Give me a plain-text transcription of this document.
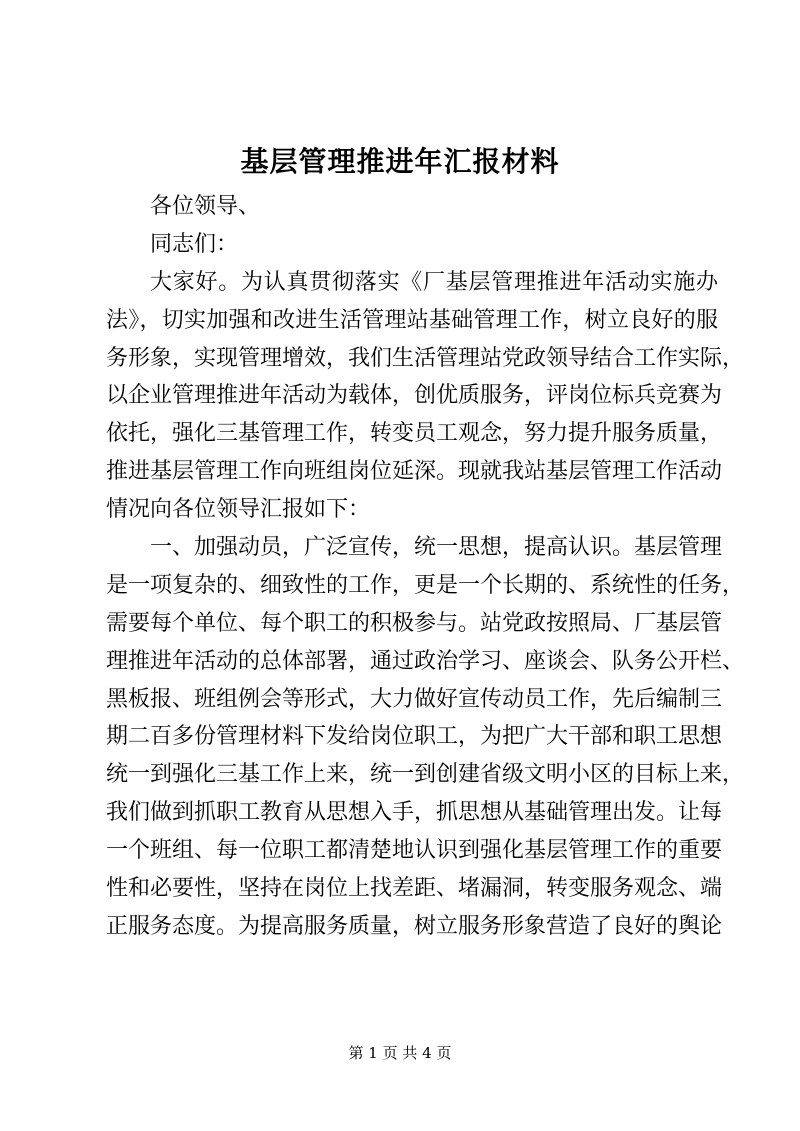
基层管理推进年汇报材料
各位领导、
同志们：
大家好。为认真贯彻落实《厂基层管理推进年活动实施办
法》，切实加强和改进生活管理站基础管理工作，树立良好的服
务形象，实现管理增效，我们生活管理站党政领导结合工作实际，
以企业管理推进年活动为载体，创优质服务，评岗位标兵竞赛为
依托，强化三基管理工作，转变员工观念，努力提升服务质量，
推进基层管理工作向班组岗位延深。现就我站基层管理工作活动
情况向各位领导汇报如下：
一、加强动员，广泛宣传，统一思想，提高认识。基层管理
是一项复杂的、细致性的工作，更是一个长期的、系统性的任务，
需要每个单位、每个职工的积极参与。站党政按照局、厂基层管
理推进年活动的总体部署，通过政治学习、座谈会、队务公开栏、
黑板报、班组例会等形式，大力做好宣传动员工作，先后编制三
期二百多份管理材料下发给岗位职工，为把广大干部和职工思想
统一到强化三基工作上来，统一到创建省级文明小区的目标上来，
我们做到抓职工教育从思想入手，抓思想从基础管理出发。让每
一个班组、每一位职工都清楚地认识到强化基层管理工作的重要
性和必要性，坚持在岗位上找差距、堵漏洞，转变服务观念、端
正服务态度。为提高服务质量，树立服务形象营造了良好的舆论
第 1 页 共 4 页
